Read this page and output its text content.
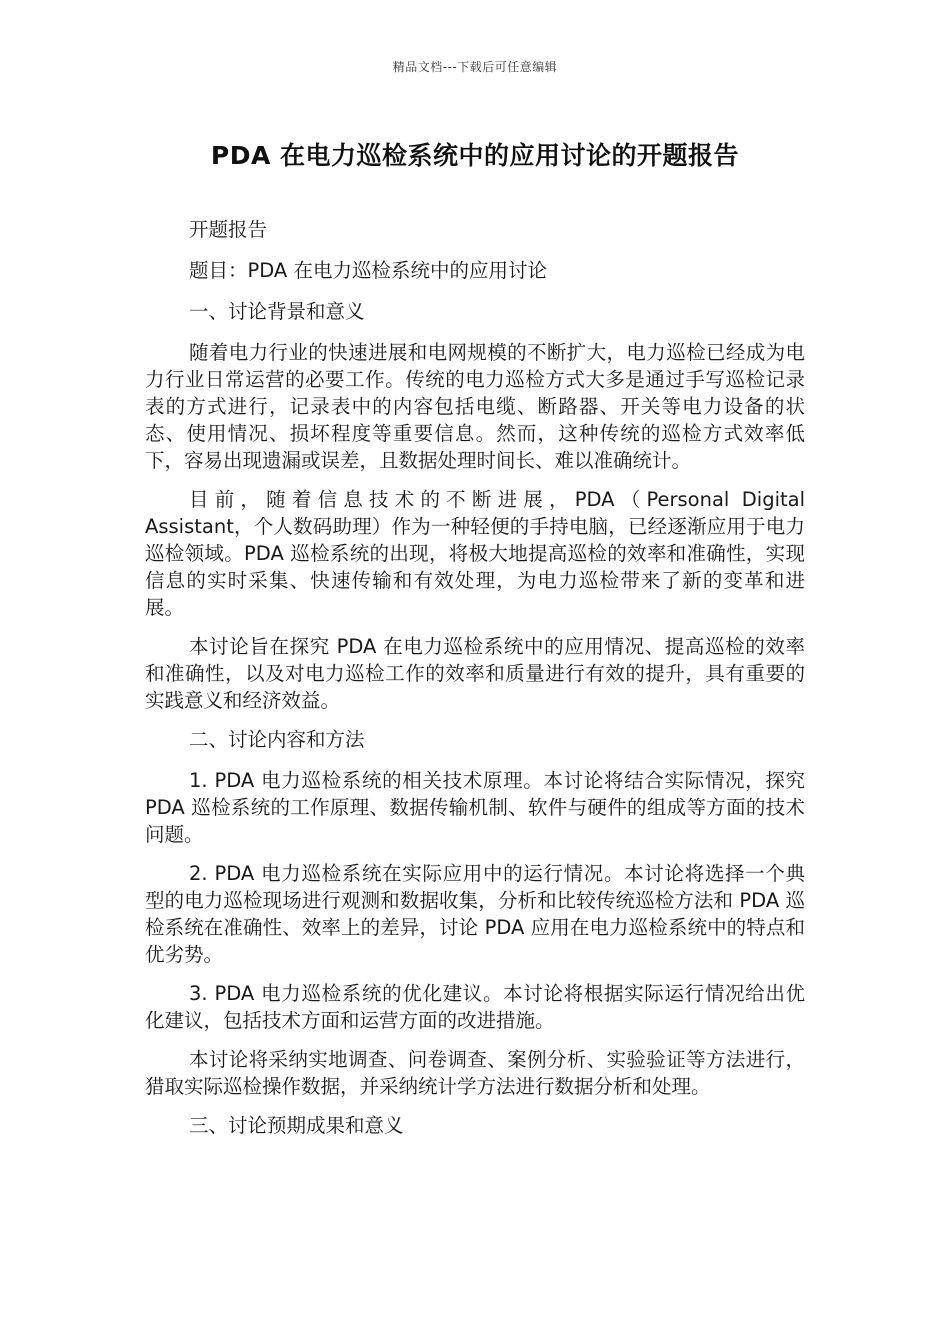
精品文档---下载后可任意编辑
PDA 在电力巡检系统中的应用讨论的开题报告

开题报告

题目：PDA 在电力巡检系统中的应用讨论

一、讨论背景和意义

随着电力行业的快速进展和电网规模的不断扩大，电力巡检已经成为电力行业日常运营的必要工作。传统的电力巡检方式大多是通过手写巡检记录表的方式进行，记录表中的内容包括电缆、断路器、开关等电力设备的状态、使用情况、损坏程度等重要信息。然而，这种传统的巡检方式效率低下，容易出现遗漏或误差，且数据处理时间长、难以准确统计。

目前，随着信息技术的不断进展，PDA（Personal Digital Assistant，个人数码助理）作为一种轻便的手持电脑，已经逐渐应用于电力巡检领域。PDA 巡检系统的出现，将极大地提高巡检的效率和准确性，实现信息的实时采集、快速传输和有效处理，为电力巡检带来了新的变革和进展。

本讨论旨在探究 PDA 在电力巡检系统中的应用情况、提高巡检的效率和准确性，以及对电力巡检工作的效率和质量进行有效的提升，具有重要的实践意义和经济效益。

二、讨论内容和方法

1. PDA 电力巡检系统的相关技术原理。本讨论将结合实际情况，探究 PDA 巡检系统的工作原理、数据传输机制、软件与硬件的组成等方面的技术问题。

2. PDA 电力巡检系统在实际应用中的运行情况。本讨论将选择一个典型的电力巡检现场进行观测和数据收集，分析和比较传统巡检方法和 PDA 巡检系统在准确性、效率上的差异，讨论 PDA 应用在电力巡检系统中的特点和优劣势。

3. PDA 电力巡检系统的优化建议。本讨论将根据实际运行情况给出优化建议，包括技术方面和运营方面的改进措施。

本讨论将采纳实地调查、问卷调查、案例分析、实验验证等方法进行，猎取实际巡检操作数据，并采纳统计学方法进行数据分析和处理。

三、讨论预期成果和意义
